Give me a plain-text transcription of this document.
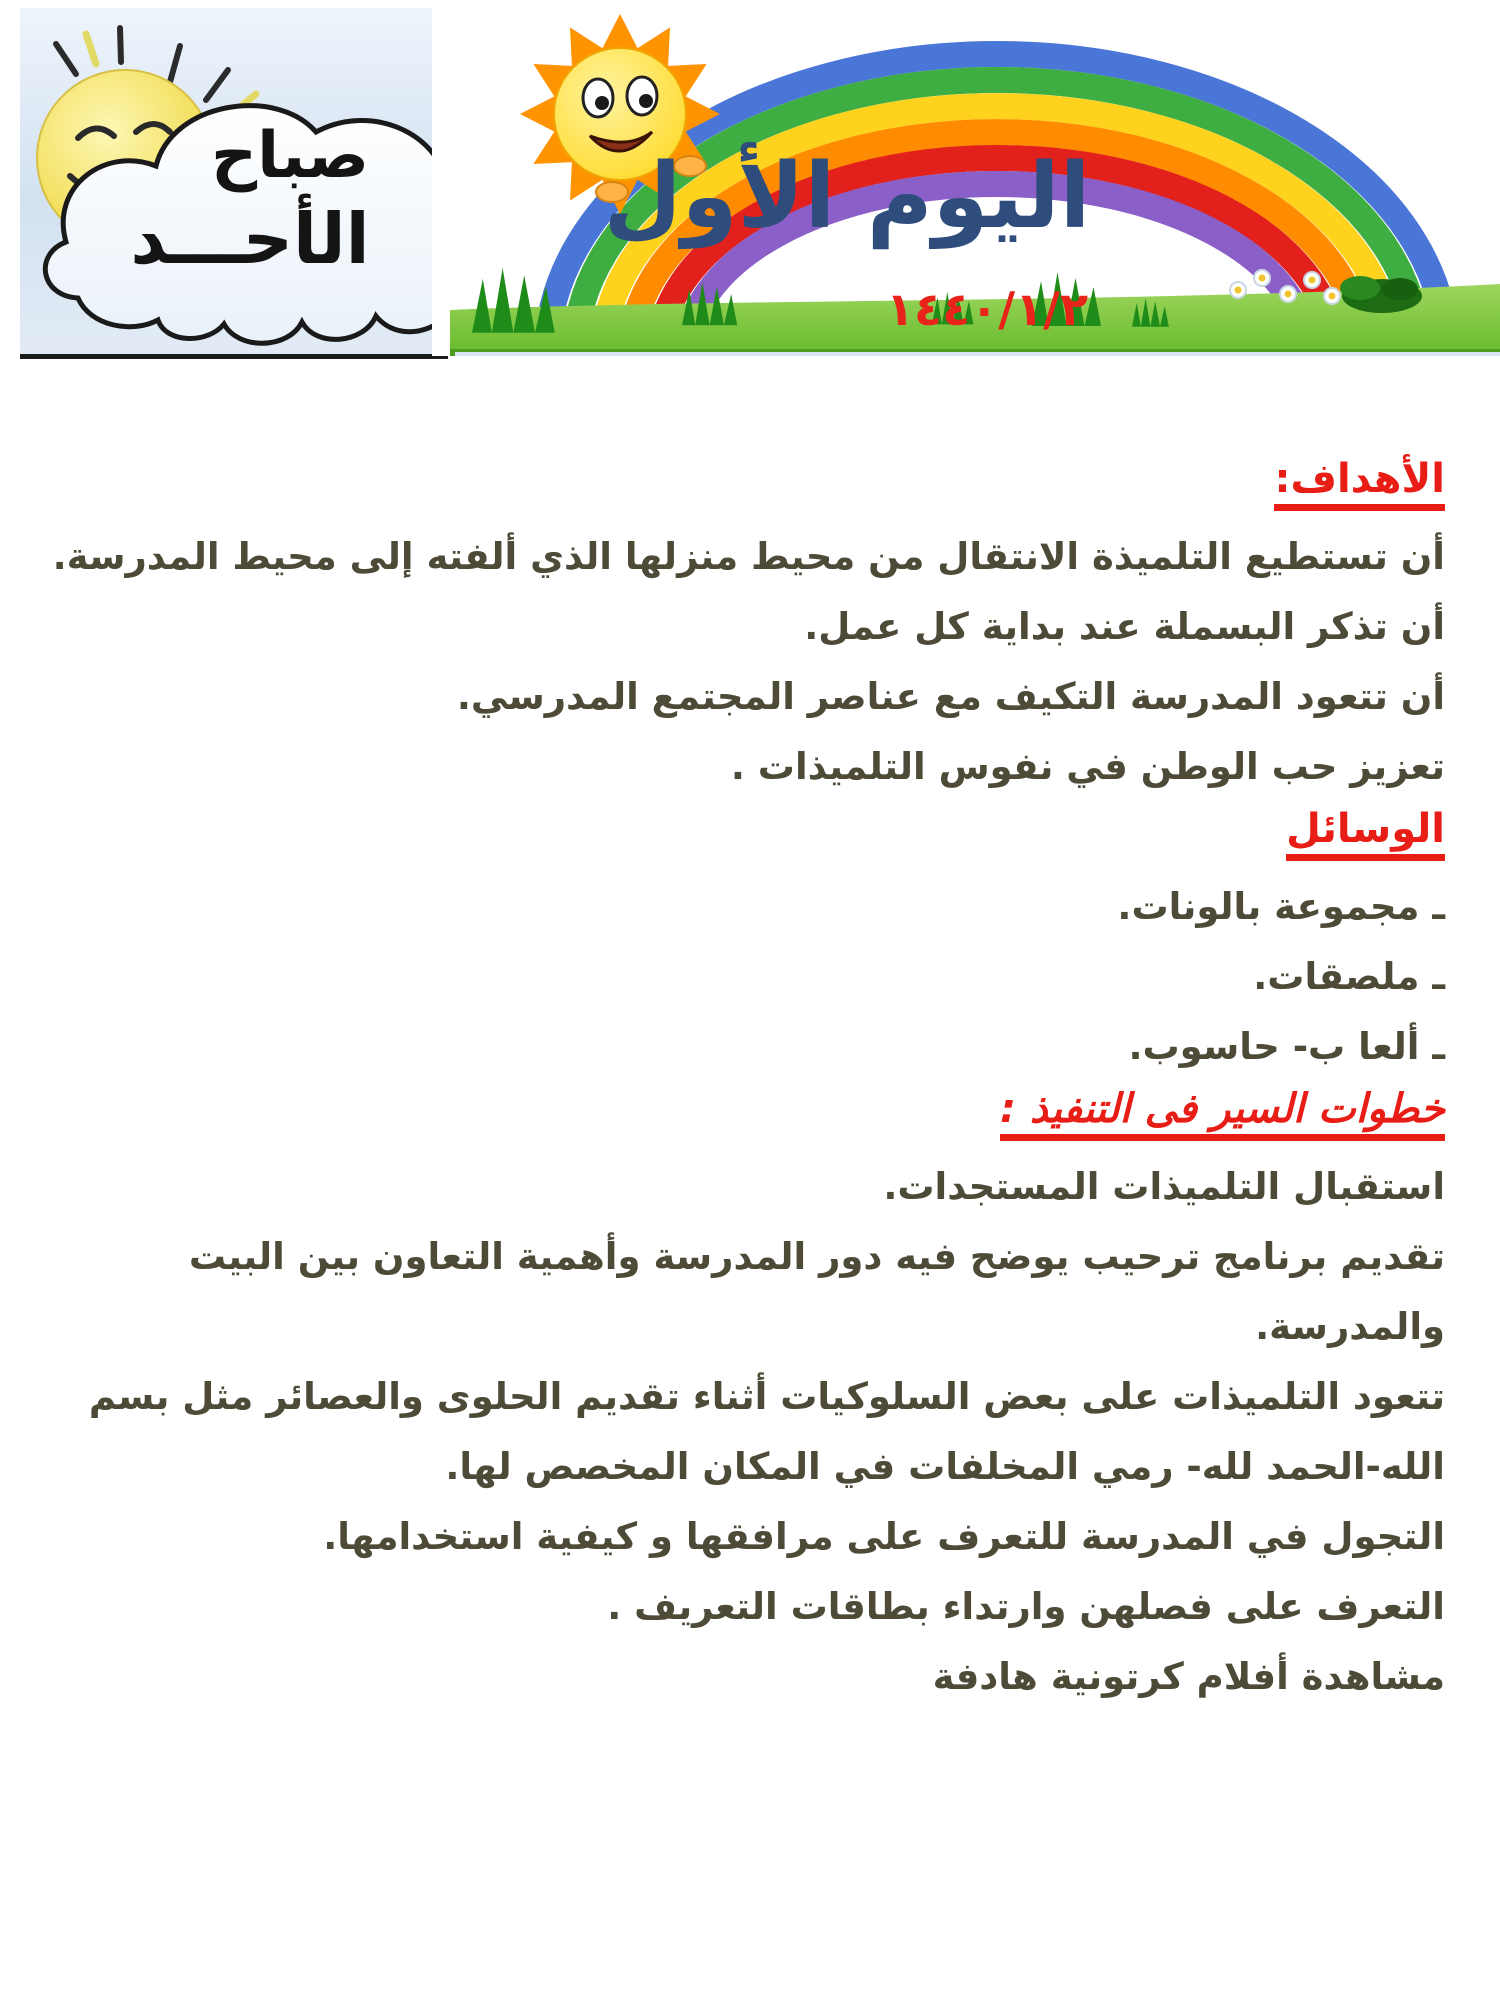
صباح
الأحـــد	اليوم الأول
١٤٤٠/١/٢
الأهداف:
أن تستطيع التلميذة الانتقال من محيط منزلها الذي ألفته إلى محيط المدرسة.
أن تذكر البسملة عند بداية كل عمل.
أن تتعود المدرسة التكيف مع عناصر المجتمع المدرسي.
تعزيز حب الوطن في نفوس التلميذات .
الوسائل
ـ مجموعة بالونات.
ـ ملصقات.
ـ ألعا ب- حاسوب.
خطوات السير فى التنفيذ :
استقبال التلميذات المستجدات.
تقديم برنامج ترحيب يوضح فيه دور المدرسة وأهمية التعاون بين البيت
والمدرسة.
تتعود التلميذات على بعض السلوكيات أثناء تقديم الحلوى والعصائر مثل بسم
الله-الحمد لله- رمي المخلفات في المكان المخصص لها.
التجول في المدرسة للتعرف على مرافقها و كيفية استخدامها.
التعرف على فصلهن وارتداء بطاقات التعريف .
مشاهدة أفلام كرتونية هادفة
